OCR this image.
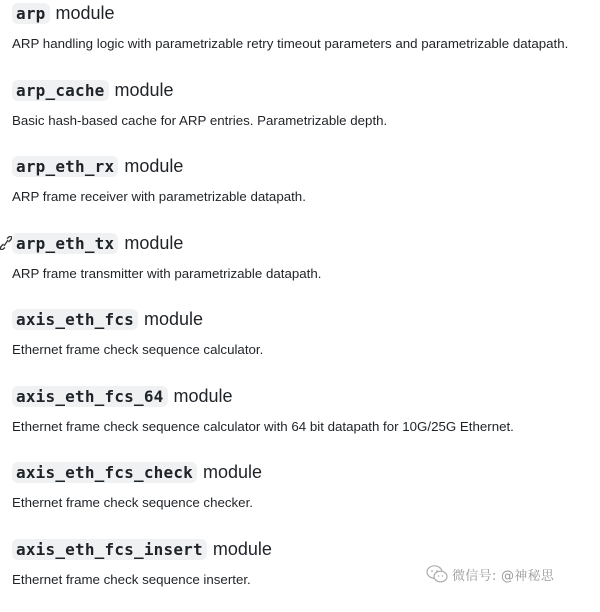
arp module
ARP handling logic with parametrizable retry timeout parameters and parametrizable datapath.
arp_cache module
Basic hash-based cache for ARP entries. Parametrizable depth.
arp_eth_rx module
ARP frame receiver with parametrizable datapath.
arp_eth_tx module
ARP frame transmitter with parametrizable datapath.
axis_eth_fcs module
Ethernet frame check sequence calculator.
axis_eth_fcs_64 module
Ethernet frame check sequence calculator with 64 bit datapath for 10G/25G Ethernet.
axis_eth_fcs_check module
Ethernet frame check sequence checker.
axis_eth_fcs_insert module
Ethernet frame check sequence inserter.	微信号: @神秘思
